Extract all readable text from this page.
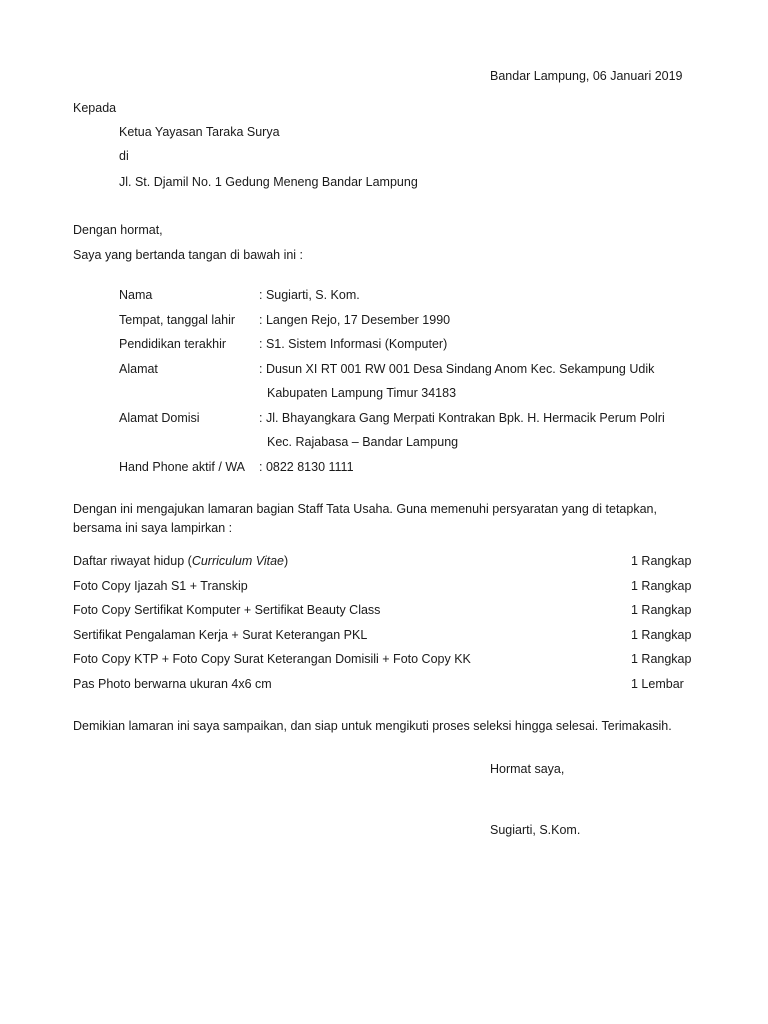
Bandar Lampung, 06 Januari 2019
Kepada
Ketua Yayasan Taraka Surya
di
Jl. St. Djamil No. 1 Gedung Meneng Bandar Lampung
Dengan hormat,
Saya yang bertanda tangan di bawah ini :
Nama	: Sugiarti, S. Kom.
Tempat, tanggal lahir	: Langen Rejo, 17 Desember 1990
Pendidikan terakhir	: S1. Sistem Informasi (Komputer)
Alamat	: Dusun XI RT 001 RW 001 Desa Sindang Anom Kec. Sekampung Udik
Kabupaten Lampung Timur 34183

Alamat Domisi	: Jl. Bhayangkara Gang Merpati Kontrakan Bpk. H. Hermacik Perum Polri
Kec. Rajabasa – Bandar Lampung

Hand Phone aktif / WA	: 0822 8130 1111
Dengan ini mengajukan lamaran bagian Staff Tata Usaha. Guna memenuhi persyaratan yang di tetapkan, bersama ini saya lampirkan :
Daftar riwayat hidup (Curriculum Vitae)	1 Rangkap
Foto Copy Ijazah S1 + Transkip	1 Rangkap
Foto Copy Sertifikat Komputer + Sertifikat Beauty Class	1 Rangkap
Sertifikat Pengalaman Kerja + Surat Keterangan PKL	1 Rangkap
Foto Copy KTP + Foto Copy Surat Keterangan Domisili + Foto Copy KK	1 Rangkap
Pas Photo berwarna ukuran 4x6 cm	1 Lembar
Demikian lamaran ini saya sampaikan, dan siap untuk mengikuti proses seleksi hingga selesai. Terimakasih.
Hormat saya,
Sugiarti, S.Kom.
